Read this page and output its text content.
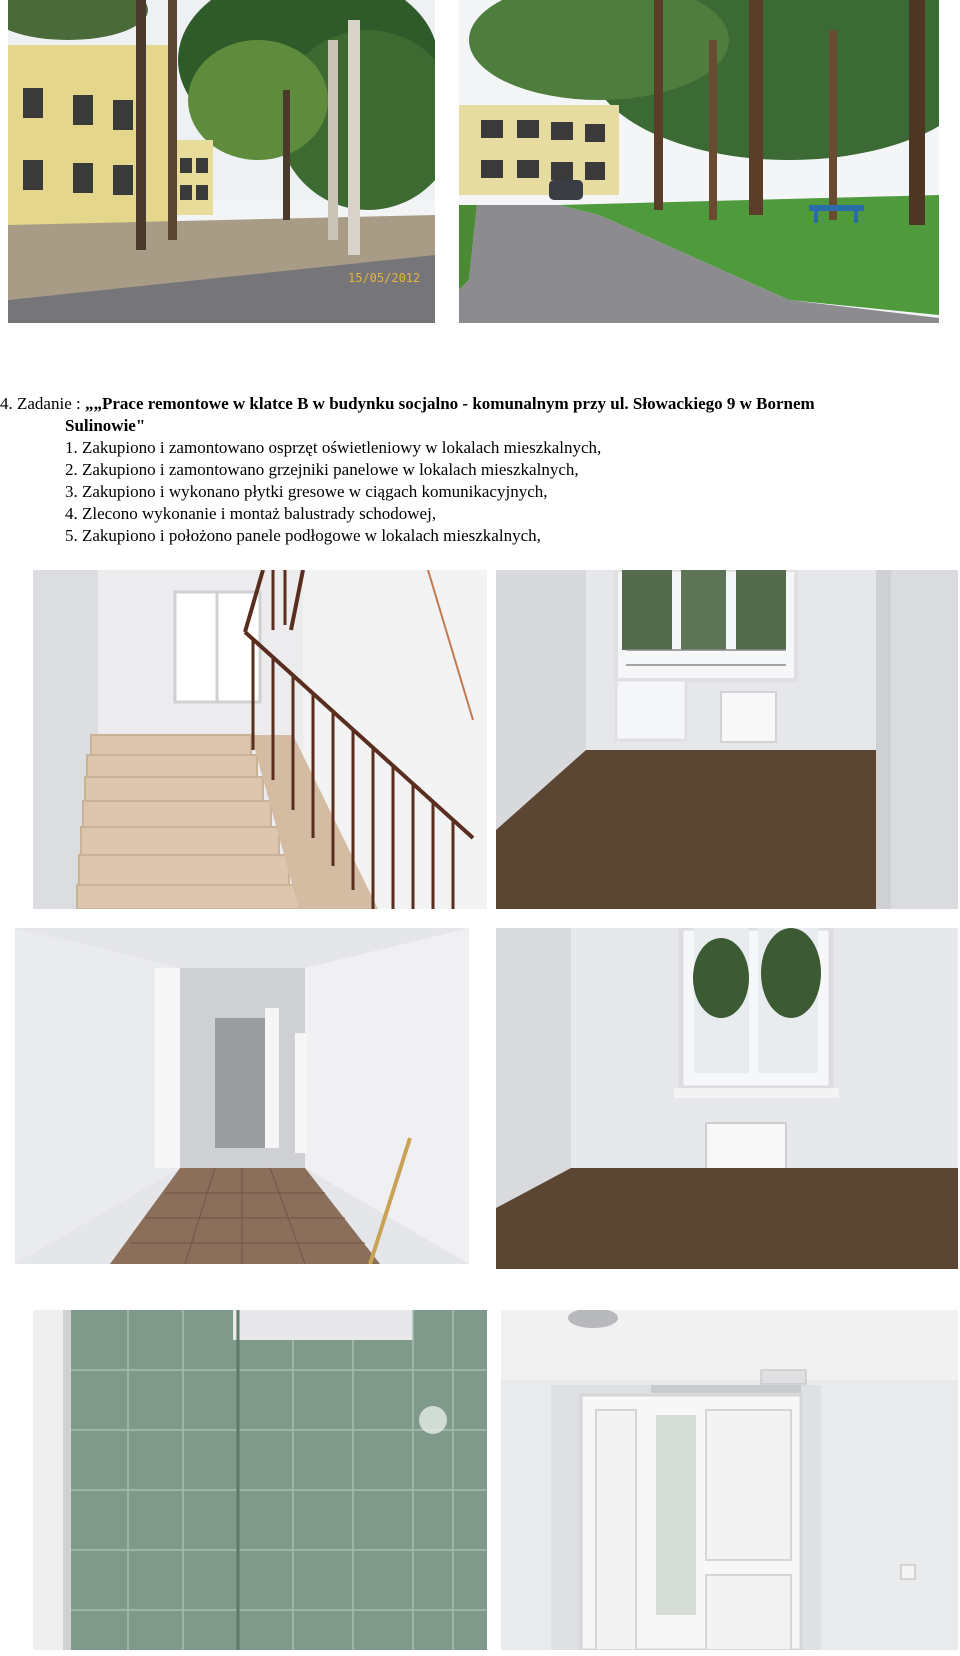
15/05/2012

4. Zadanie : „„Prace remontowe w klatce B w budynku socjalno - komunalnym przy ul. Słowackiego 9 w Bornem

Sulinowie"

1. Zakupiono i zamontowano osprzęt oświetleniowy w lokalach mieszkalnych,
2. Zakupiono i zamontowano grzejniki panelowe w lokalach mieszkalnych,
3. Zakupiono i wykonano płytki gresowe w ciągach komunikacyjnych,
4. Zlecono wykonanie i montaż balustrady schodowej,
5. Zakupiono i położono panele podłogowe w lokalach mieszkalnych,
